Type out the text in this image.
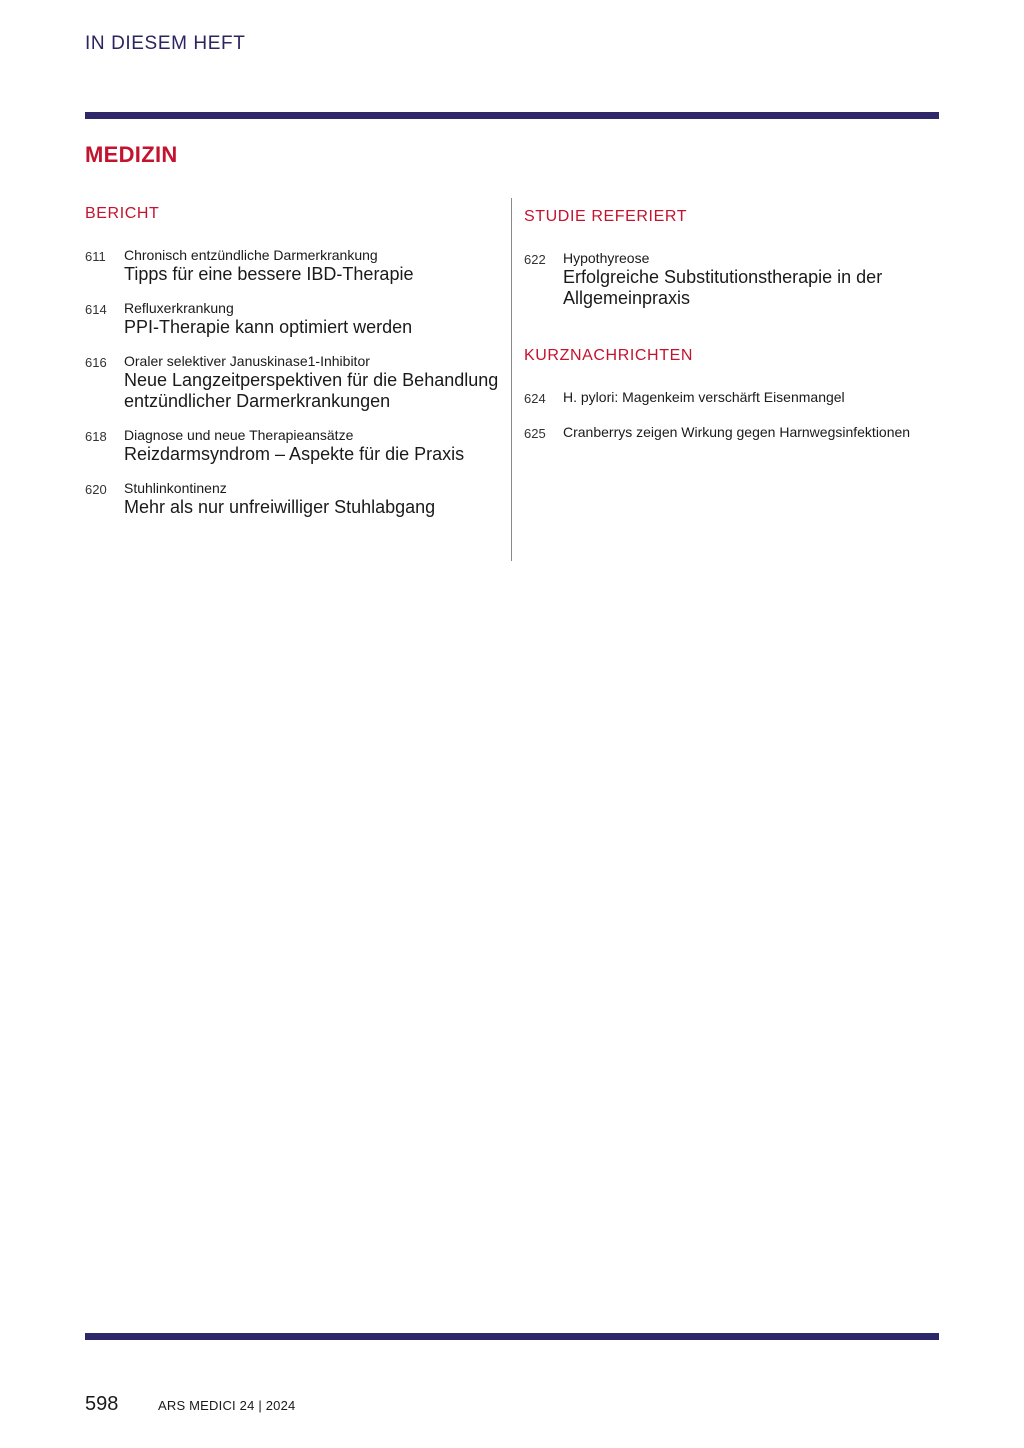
IN DIESEM HEFT
MEDIZIN
BERICHT
611 Chronisch entzündliche Darmerkrankung
Tipps für eine bessere IBD-Therapie
614 Refluxerkrankung
PPI-Therapie kann optimiert werden
616 Oraler selektiver Januskinase1-Inhibitor
Neue Langzeitperspektiven für die Behandlung entzündlicher Darmerkrankungen
618 Diagnose und neue Therapieansätze
Reizdarmsyndrom – Aspekte für die Praxis
620 Stuhlinkontinenz
Mehr als nur unfreiwilliger Stuhlabgang
STUDIE REFERIERT
622 Hypothyreose
Erfolgreiche Substitutionstherapie in der Allgemeinpraxis
KURZNACHRICHTEN
624 H. pylori: Magenkeim verschärft Eisenmangel
625 Cranberrys zeigen Wirkung gegen Harnwegsinfektionen
598	ARS MEDICI 24 | 2024
